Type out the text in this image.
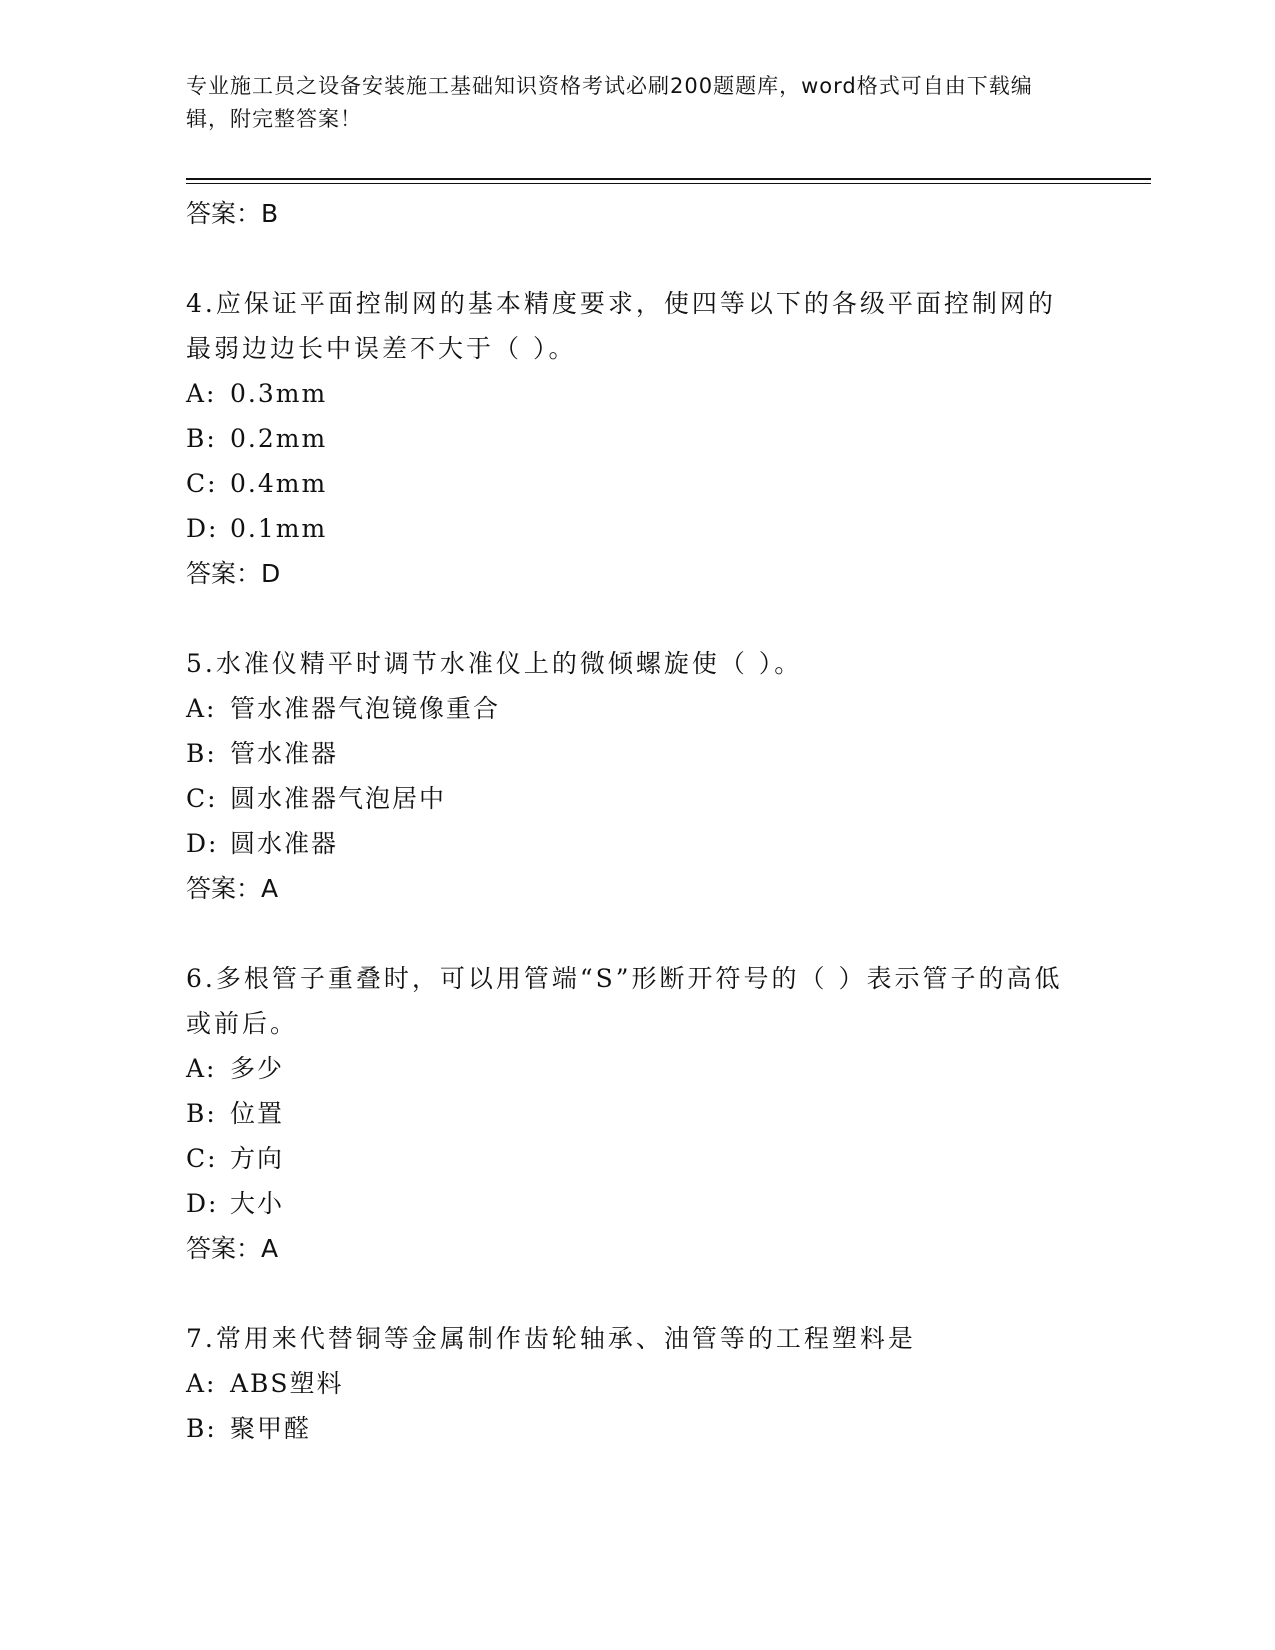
专业施工员之设备安装施工基础知识资格考试必刷200题题库，word格式可自由下载编辑，附完整答案！
答案：B
4.应保证平面控制网的基本精度要求，使四等以下的各级平面控制网的最弱边边长中误差不大于（ ）。
A: 0.3mm
B: 0.2mm
C: 0.4mm
D: 0.1mm
答案：D
5.水准仪精平时调节水准仪上的微倾螺旋使（ ）。
A: 管水准器气泡镜像重合
B: 管水准器
C: 圆水准器气泡居中
D: 圆水准器
答案：A
6.多根管子重叠时，可以用管端“S”形断开符号的（ ）表示管子的高低或前后。
A: 多少
B: 位置
C: 方向
D: 大小
答案：A
7.常用来代替铜等金属制作齿轮轴承、油管等的工程塑料是
A: ABS塑料
B: 聚甲醛
